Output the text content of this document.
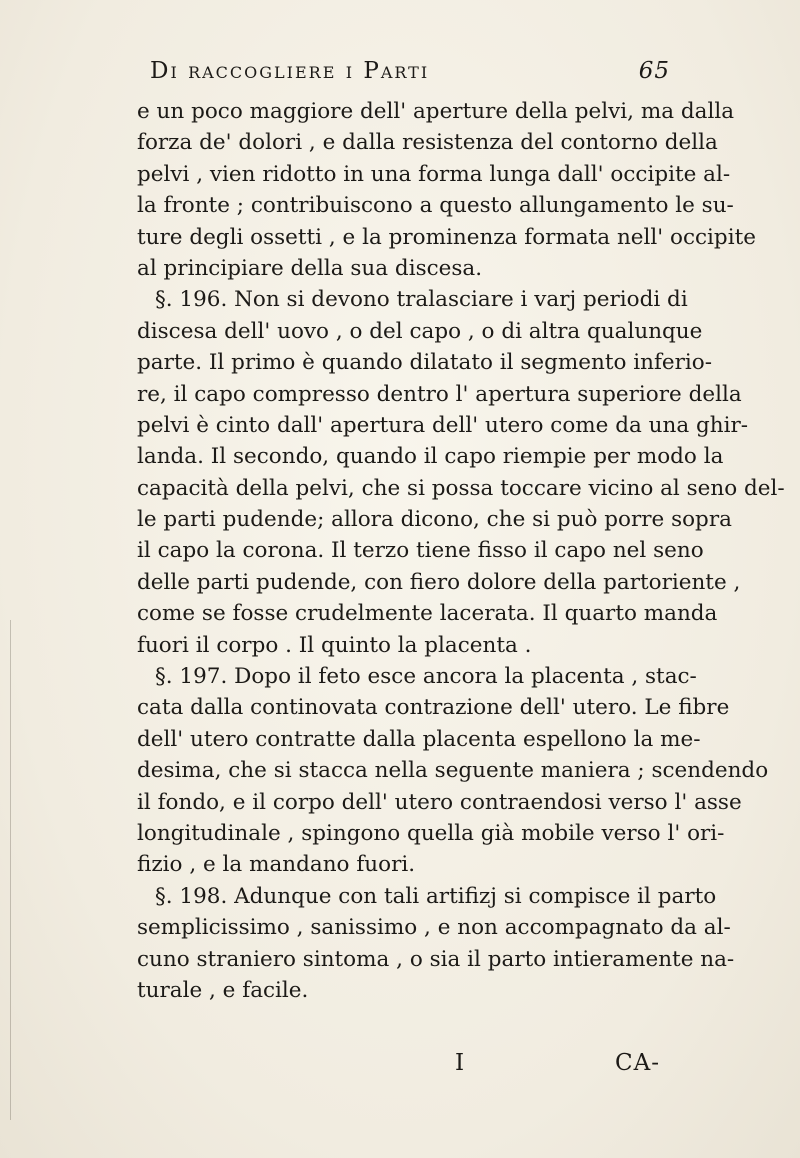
Di raccogliere i Parti	65
e un poco maggiore dell' aperture della pelvi, ma dalla
forza de' dolori , e dalla resistenza del contorno della
pelvi , vien ridotto in una forma lunga dall' occipite al-
la fronte ; contribuiscono a questo allungamento le su-
ture degli ossetti , e la prominenza formata nell' occipite
al principiare della sua discesa.
§. 196. Non si devono tralasciare i varj periodi di
discesa dell' uovo , o del capo , o di altra qualunque
parte. Il primo è quando dilatato il segmento inferio-
re, il capo compresso dentro l' apertura superiore della
pelvi è cinto dall' apertura dell' utero come da una ghir-
landa. Il secondo, quando il capo riempie per modo la
capacità della pelvi, che si possa toccare vicino al seno del-
le parti pudende; allora dicono, che si può porre sopra
il capo la corona. Il terzo tiene fisso il capo nel seno
delle parti pudende, con fiero dolore della partoriente ,
come se fosse crudelmente lacerata. Il quarto manda
fuori il corpo . Il quinto la placenta .
§. 197. Dopo il feto esce ancora la placenta , stac-
cata dalla continovata contrazione dell' utero. Le fibre
dell' utero contratte dalla placenta espellono la me-
desima, che si stacca nella seguente maniera ; scendendo
il fondo, e il corpo dell' utero contraendosi verso l' asse
longitudinale , spingono quella già mobile verso l' ori-
fizio , e la mandano fuori.
§. 198. Adunque con tali artifizj si compisce il parto
semplicissimo , sanissimo , e non accompagnato da al-
cuno straniero sintoma , o sia il parto intieramente na-
turale , e facile.
I	CA-
